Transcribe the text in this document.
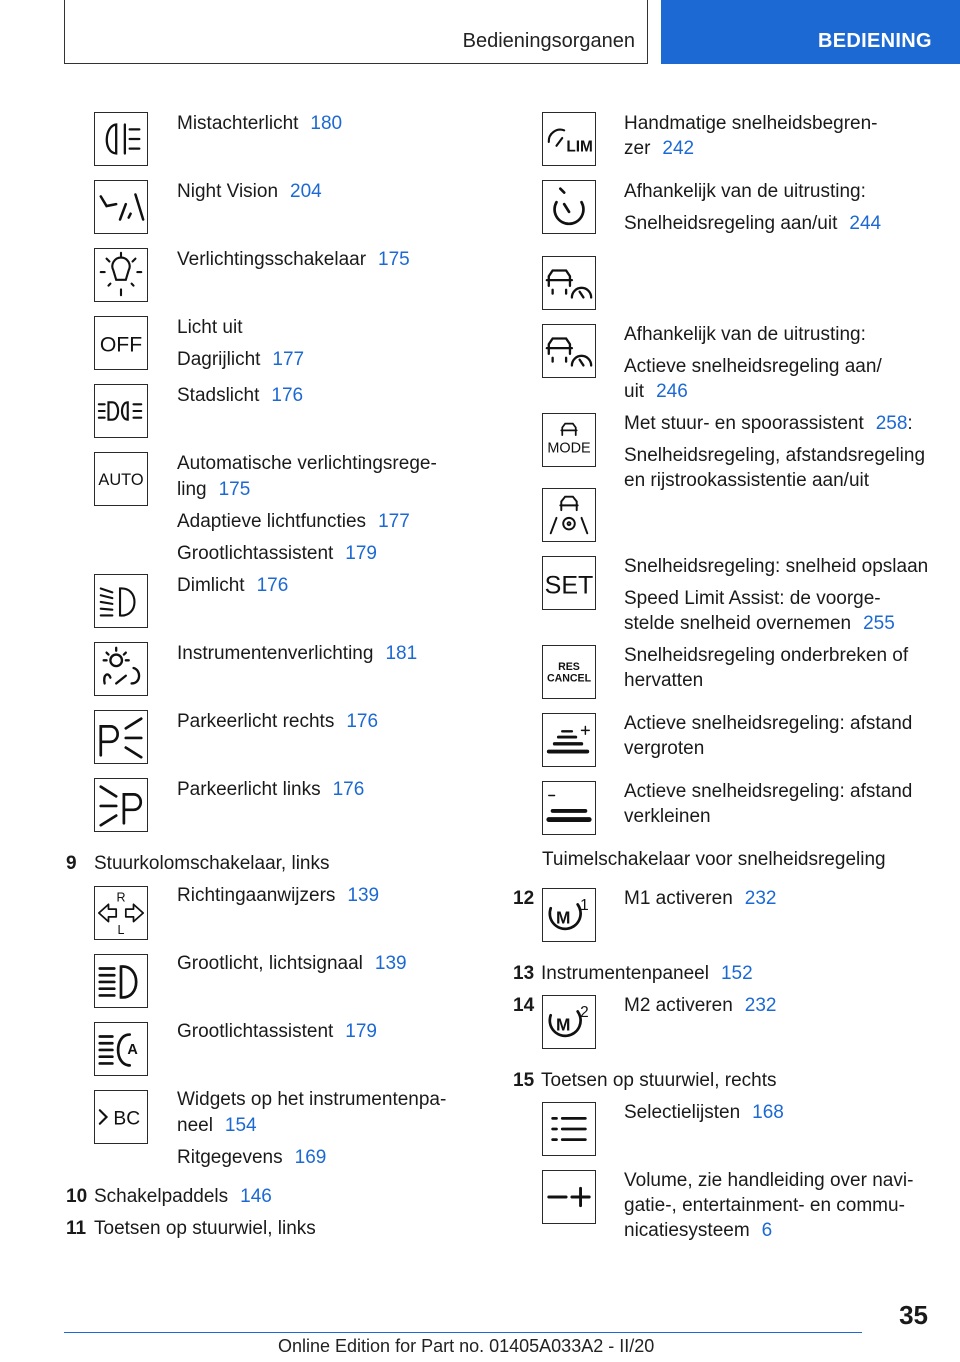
Bedieningsorganen	BEDIENING
OFF
AUTO
R
L
A
BC
Mistachterlicht 180
Night Vision 204
Verlichtingsschakelaar 175
Licht uit
Dagrijlicht 177
Stadslicht 176
Automatische verlichtingsrege-
ling 175
Adaptieve lichtfuncties 177
Grootlichtassistent 179
Dimlicht 176
Instrumentenverlichting 181
Parkeerlicht rechts 176
Parkeerlicht links 176
9 Stuurkolomschakelaar, links
Richtingaanwijzers 139
Grootlicht, lichtsignaal 139
Grootlichtassistent 179
Widgets op het instrumentenpa-
neel 154
Ritgegevens 169
10 Schakelpaddels 146
11 Toetsen op stuurwiel, links
LIM
MODE
SET
RES
CANCEL
M
1
M
2
Handmatige snelheidsbegren-
zer 242
Afhankelijk van de uitrusting:
Snelheidsregeling aan/uit 244
Afhankelijk van de uitrusting:
Actieve snelheidsregeling aan/
uit 246
Met stuur- en spoorassistent 258:
Snelheidsregeling, afstandsregeling
en rijstrookassistentie aan/uit
Snelheidsregeling: snelheid opslaan
Speed Limit Assist: de voorge-
stelde snelheid overnemen 255
Snelheidsregeling onderbreken of
hervatten
Actieve snelheidsregeling: afstand
vergroten
Actieve snelheidsregeling: afstand
verkleinen
Tuimelschakelaar voor snelheidsregeling
12	M1 activeren 232
13 Instrumentenpaneel 152
14	M2 activeren 232
15 Toetsen op stuurwiel, rechts
Selectielijsten 168
Volume, zie handleiding over navi-
gatie-, entertainment- en commu-
nicatiesysteem 6
35
Online Edition for Part no. 01405A033A2 - II/20
